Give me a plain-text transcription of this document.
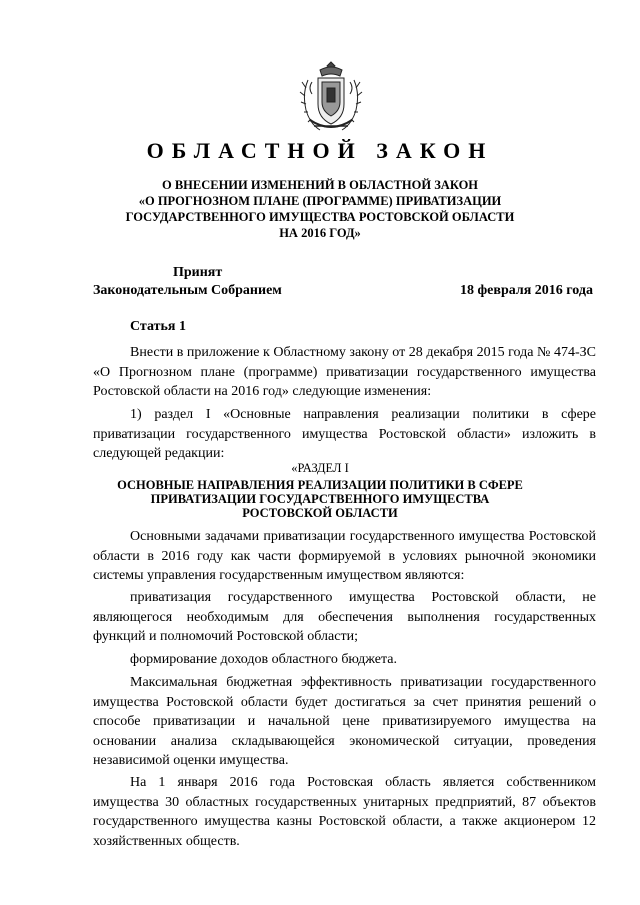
ОБЛАСТНОЙ ЗАКОН
О ВНЕСЕНИИ ИЗМЕНЕНИЙ В ОБЛАСТНОЙ ЗАКОН
«О ПРОГНОЗНОМ ПЛАНЕ (ПРОГРАММЕ) ПРИВАТИЗАЦИИ
ГОСУДАРСТВЕННОГО ИМУЩЕСТВА РОСТОВСКОЙ ОБЛАСТИ
НА 2016 ГОД»
Принят
Законодательным Собранием	18 февраля 2016 года
Статья 1

Внести в приложение к Областному закону от 28 декабря 2015 года № 474-ЗС «О Прогнозном плане (программе) приватизации государственного имущества Ростовской области на 2016 год» следующие изменения:

1) раздел I «Основные направления реализации политики в сфере приватизации государственного имущества Ростовской области» изложить в следующей редакции:

«РАЗДЕЛ I
ОСНОВНЫЕ НАПРАВЛЕНИЯ РЕАЛИЗАЦИИ ПОЛИТИКИ В СФЕРЕ
ПРИВАТИЗАЦИИ ГОСУДАРСТВЕННОГО ИМУЩЕСТВА
РОСТОВСКОЙ ОБЛАСТИ

Основными задачами приватизации государственного имущества Ростовской области в 2016 году как части формируемой в условиях рыночной экономики системы управления государственным имуществом являются:

приватизация государственного имущества Ростовской области, не являющегося необходимым для обеспечения выполнения государственных функций и полномочий Ростовской области;

формирование доходов областного бюджета.

Максимальная бюджетная эффективность приватизации государственного имущества Ростовской области будет достигаться за счет принятия решений о способе приватизации и начальной цене приватизируемого имущества на основании анализа складывающейся экономической ситуации, проведения независимой оценки имущества.

На 1 января 2016 года Ростовская область является собственником имущества 30 областных государственных унитарных предприятий, 87 объектов государственного имущества казны Ростовской области, а также акционером 12 хозяйственных обществ.
